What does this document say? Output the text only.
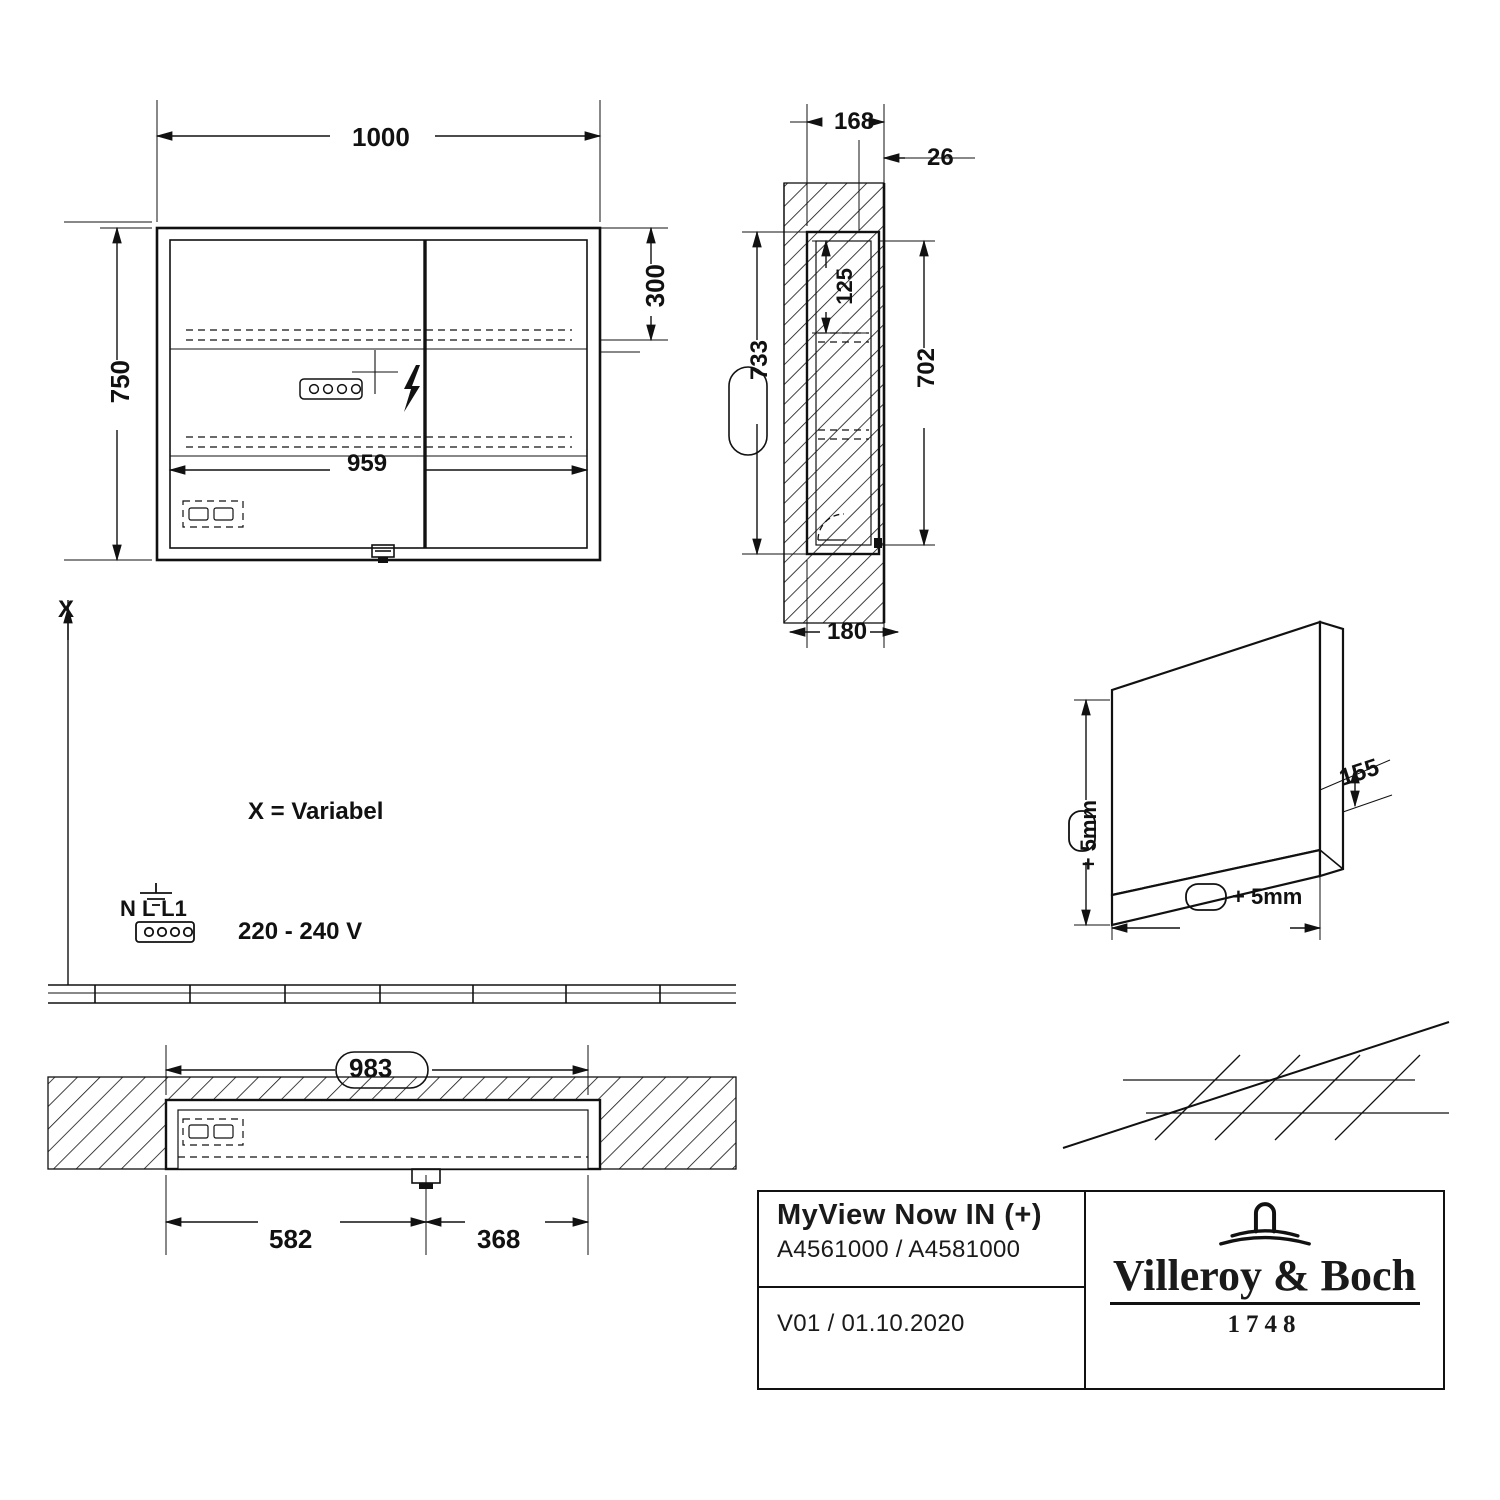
1000
750
300
959
X
168
26
733
125
702
180
X = Variabel
N L L1
220 - 240 V
+ 5mm
+ 5mm
155
983
582	368
MyView Now IN (+)
A4561000 / A4581000
V01 / 01.10.2020
Villeroy & Boch
1748
